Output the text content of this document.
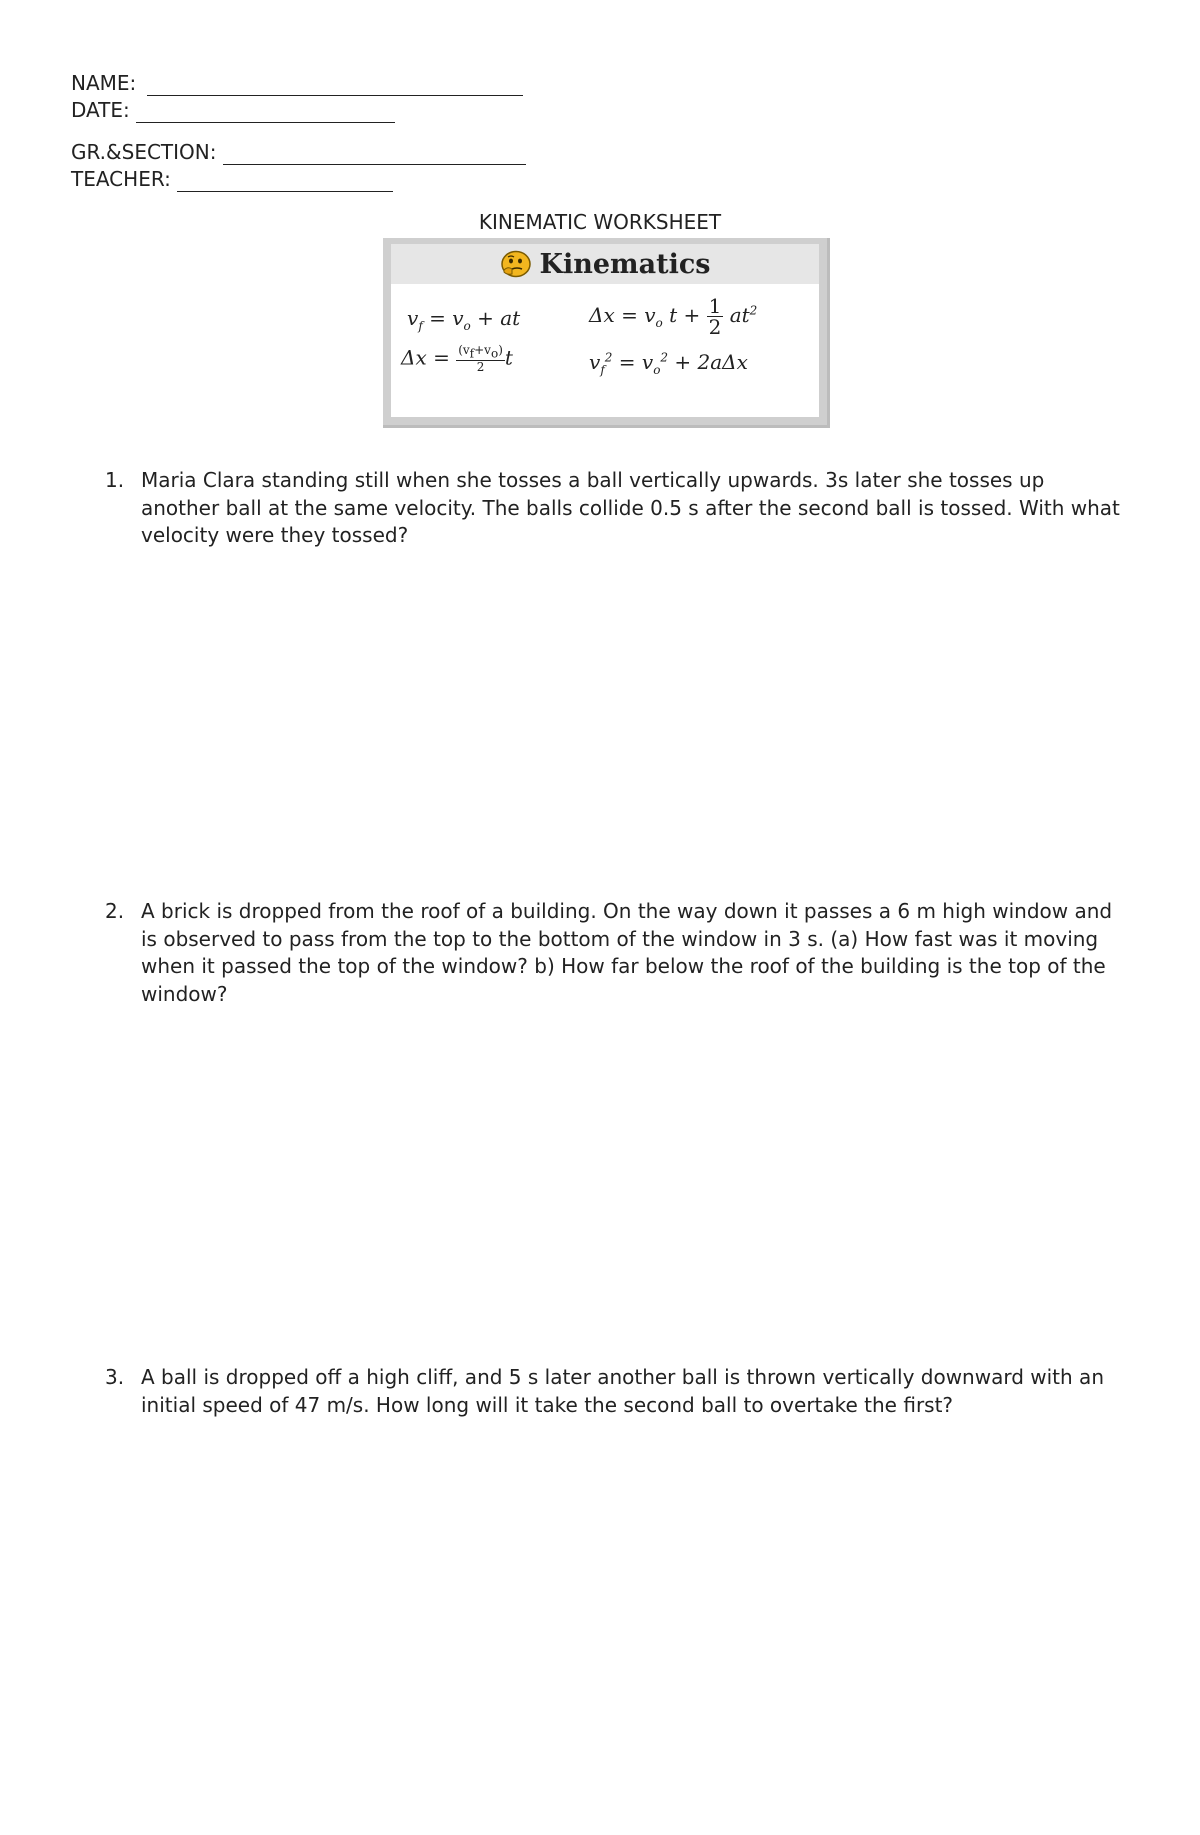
NAME:
DATE:
GR.&SECTION:
TEACHER:
KINEMATIC WORKSHEET
Kinematics
$v_f = v_o$ + at	$\Delta x = v_o$ $t + \frac{1}{2} at^2$
$\Delta x = \frac{(v_f+v_o)}{2}$ t	$v_f^2 = v_o^2 + 2a\Delta x$
1. Maria Clara standing still when she tosses a ball vertically upwards. 3s later she tosses up another ball at the same velocity. The balls collide 0.5 s after the second ball is tossed. With what velocity were they tossed?
2. A brick is dropped from the roof of a building. On the way down it passes a 6 m high window and is observed to pass from the top to the bottom of the window in 3 s. (a) How fast was it moving when it passed the top of the window? b) How far below the roof of the building is the top of the window?
3. A ball is dropped off a high cliff, and 5 s later another ball is thrown vertically downward with an initial speed of 47 m/s. How long will it take the second ball to overtake the first?
